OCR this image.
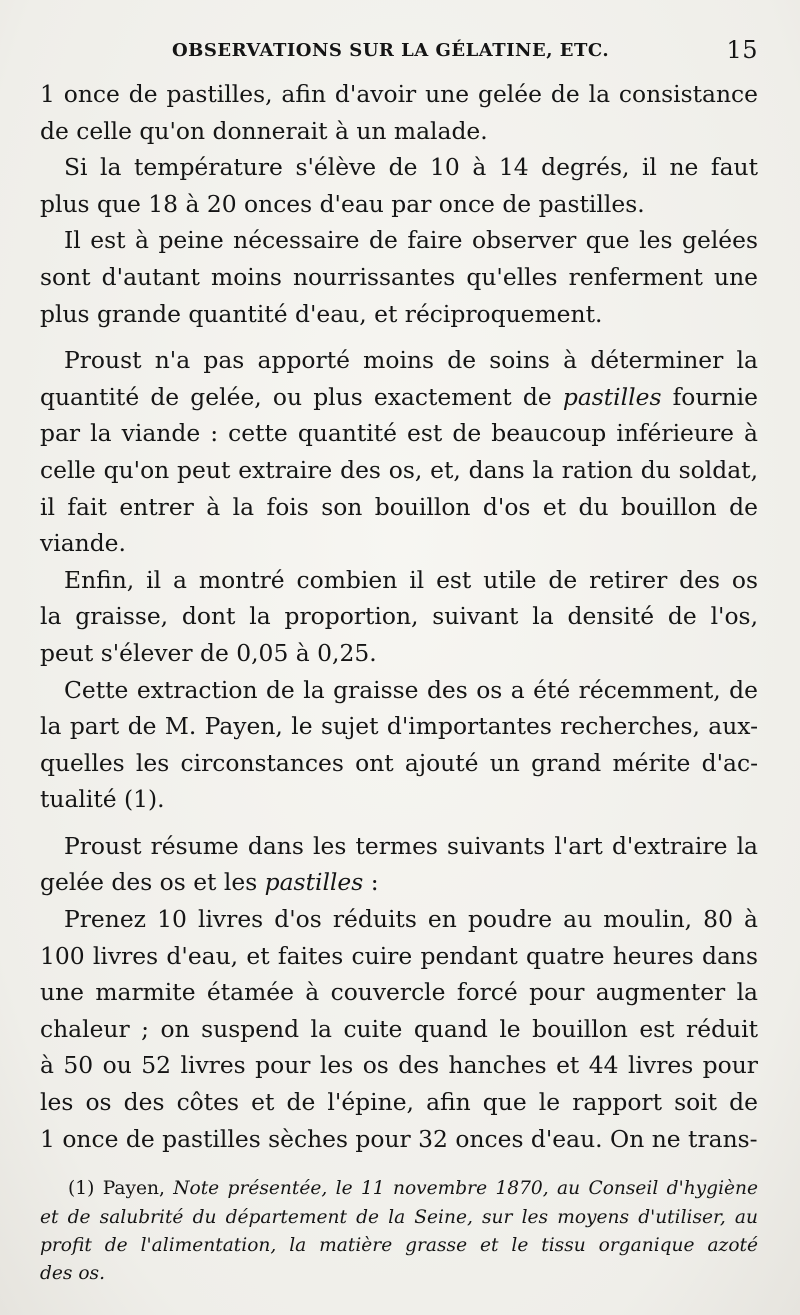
OBSERVATIONS SUR LA GÉLATINE, ETC.	15
1 once de pastilles, afin d'avoir une gelée de la consistance
de celle qu'on donnerait à un malade.
Si la température s'élève de 10 à 14 degrés, il ne faut
plus que 18 à 20 onces d'eau par once de pastilles.
Il est à peine nécessaire de faire observer que les gelées
sont d'autant moins nourrissantes qu'elles renferment une
plus grande quantité d'eau, et réciproquement.
Proust n'a pas apporté moins de soins à déterminer la
quantité de gelée, ou plus exactement de pastilles fournie
par la viande : cette quantité est de beaucoup inférieure à
celle qu'on peut extraire des os, et, dans la ration du soldat,
il fait entrer à la fois son bouillon d'os et du bouillon de
viande.
Enfin, il a montré combien il est utile de retirer des os
la graisse, dont la proportion, suivant la densité de l'os,
peut s'élever de 0,05 à 0,25.
Cette extraction de la graisse des os a été récemment, de
la part de M. Payen, le sujet d'importantes recherches, aux-
quelles les circonstances ont ajouté un grand mérite d'ac-
tualité (1).
Proust résume dans les termes suivants l'art d'extraire la
gelée des os et les pastilles :
Prenez 10 livres d'os réduits en poudre au moulin, 80 à
100 livres d'eau, et faites cuire pendant quatre heures dans
une marmite étamée à couvercle forcé pour augmenter la
chaleur ; on suspend la cuite quand le bouillon est réduit
à 50 ou 52 livres pour les os des hanches et 44 livres pour
les os des côtes et de l'épine, afin que le rapport soit de
1 once de pastilles sèches pour 32 onces d'eau. On ne trans-
(1) Payen, Note présentée, le 11 novembre 1870, au Conseil d'hygiène
et de salubrité du département de la Seine, sur les moyens d'utiliser, au
profit de l'alimentation, la matière grasse et le tissu organique azoté
des os.
